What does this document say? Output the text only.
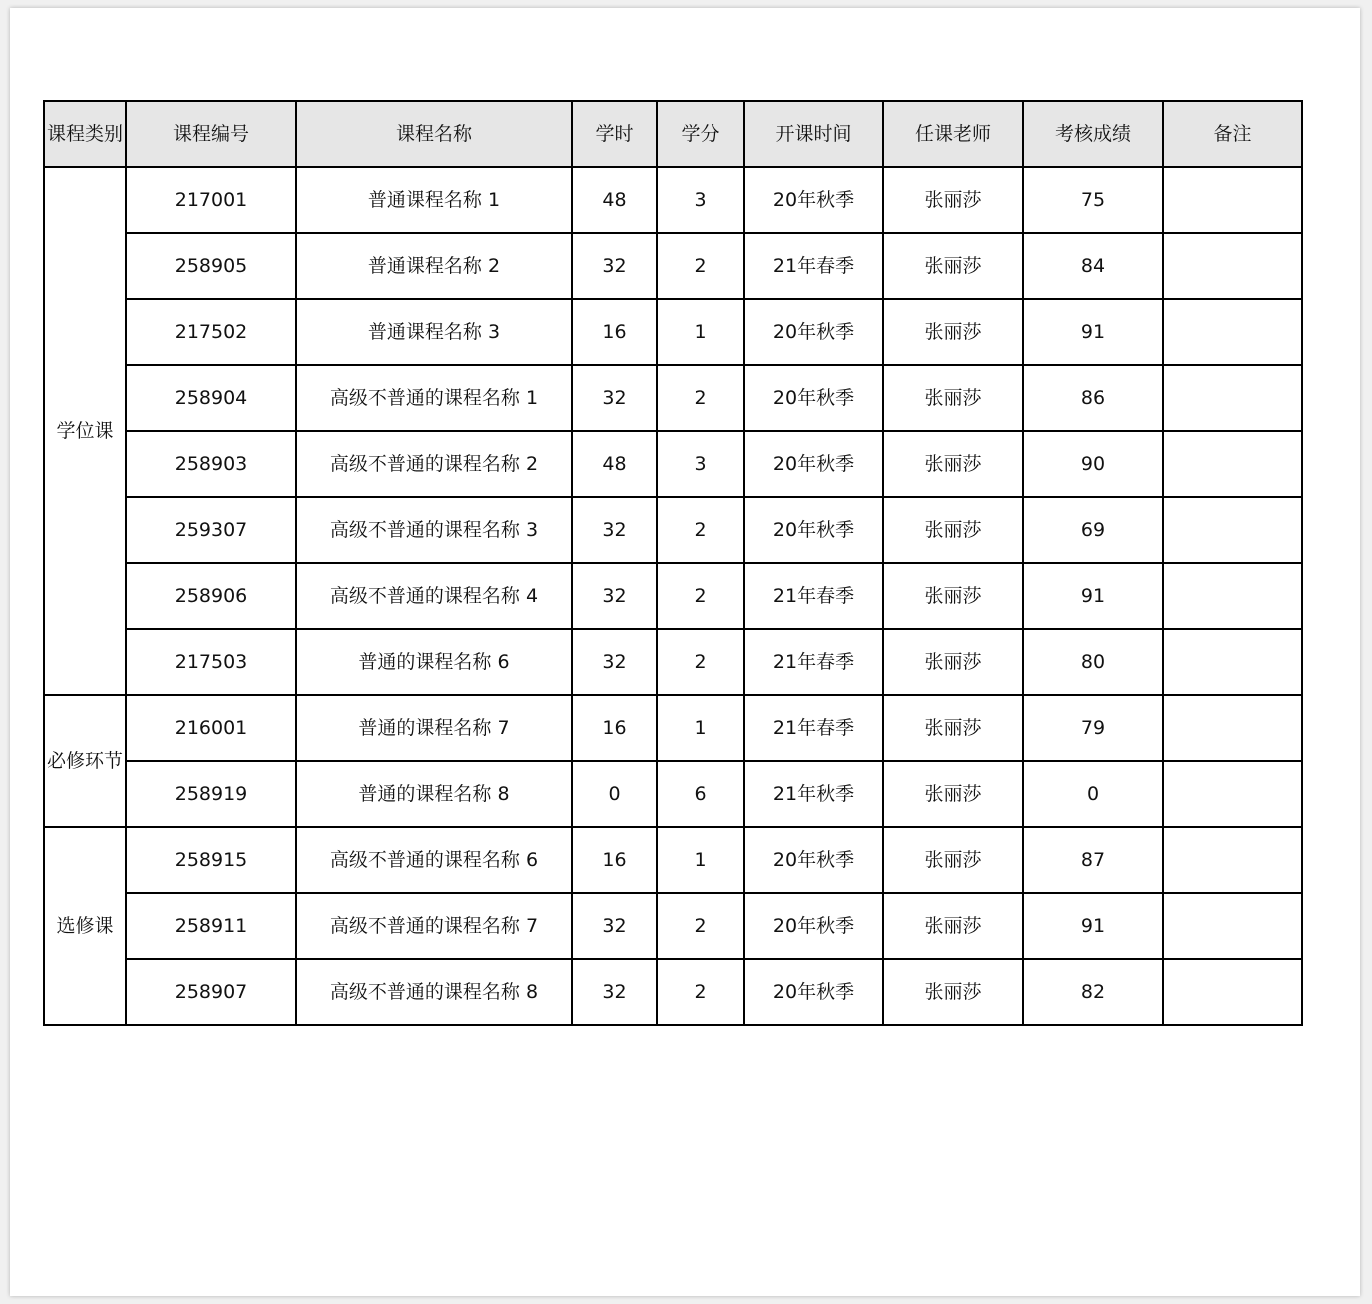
课程类别	课程编号	课程名称	学时	学分	开课时间	任课老师	考核成绩	备注
学位课	217001	普通课程名称 1	48	3	20年秋季	张丽莎	75	
	258905	普通课程名称 2	32	2	21年春季	张丽莎	84	
	217502	普通课程名称 3	16	1	20年秋季	张丽莎	91	
	258904	高级不普通的课程名称 1	32	2	20年秋季	张丽莎	86	
	258903	高级不普通的课程名称 2	48	3	20年秋季	张丽莎	90	
	259307	高级不普通的课程名称 3	32	2	20年秋季	张丽莎	69	
	258906	高级不普通的课程名称 4	32	2	21年春季	张丽莎	91	
	217503	普通的课程名称 6	32	2	21年春季	张丽莎	80	
必修环节	216001	普通的课程名称 7	16	1	21年春季	张丽莎	79	
	258919	普通的课程名称 8	0	6	21年秋季	张丽莎	0	
选修课	258915	高级不普通的课程名称 6	16	1	20年秋季	张丽莎	87	
	258911	高级不普通的课程名称 7	32	2	20年秋季	张丽莎	91	
	258907	高级不普通的课程名称 8	32	2	20年秋季	张丽莎	82	
